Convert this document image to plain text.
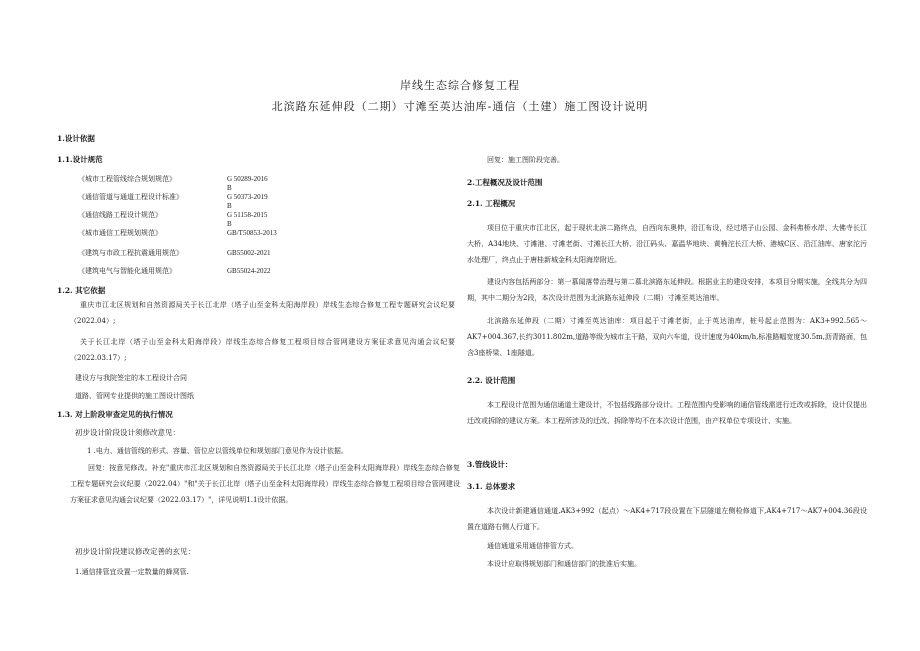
岸线生态综合修复工程
北滨路东延伸段（二期）寸滩至英达油库-通信（土建）施工图设计说明
1.设计依据
1.1.设计规范
《城市工程管线综合规划规范》	G 50289-2016
B
《通信管道与通道工程设计标准》	G 50373-2019
B
《通信线路工程设计规范》	G 51158-2015
B
《城市通信工程规划规范》	GB/T50853-2013
《建筑与市政工程抗震通用规范》	GB55002-2021
《建筑电气与智能化通用规范》	GB55024-2022
1.2. 其它依据
重庆市江北区规划和自然资源局关于长江北岸（塔子山至金科太阳海岸段）岸线生态综合修复工程专题研究会议纪要（2022.04）;
关于长江北岸（塔子山至金科太阳海岸段）岸线生态综合修复工程项目综合管网建设方案征求意见沟通会议纪要（2022.03.17）;
建设方与我院签定的本工程设计合同
道路、管网专业提供的施工图设计图纸
1.3. 对上阶段审查定见的执行情况
初步设计阶段设计须修改意见：
1 .电力、通信管线的形式、容量、管位应以管线单位和规划部门意见作为设计依据。
回复：按意见修改。补充"重庆市江北区规划和自然资源局关于长江北岸（塔子山至金科太阳海岸段）岸线生态综合修复工程专题研究会议纪要（2022.04）"和"关于长江北岸（塔子山至金科太阳海岸段）岸线生态综合修复工程项目综合管网建设方案征求意见沟通会议纪要（2022.03.17）"，详见说明1.1设计依据。
初步设计阶段建议修改定善的玄见：
1.通信排管宜设置一定数量的蜂窝管.
回复：施工图阶段完善。
2.工程概况及设计范围
2.1. 工程概况
项目位于重庆市江北区，起于现状北滨二路终点，自西向东奥伸，沿江布设，经过塔子山公园、金科弗桥水岸、大佛寺长江大桥、A34地块、寸滩港、寸滩老街、寸滩长江大桥、沿江码头、嘉温华地块、黄桷沱长江大桥、港城C区、沿江油库、唐家沱污水处理厂，终点止于唐桂新城金科太阳海岸附近。
建设内容包括两部分：第一慕闻落带治理与第二慕北滨路东延伸段。根据业主的建设安排，本项目分期实施，全线共分为四期，其中二期分为2段，本次设计范围为北滨路东延伸段（二期）寸滩至英达油库。
北滨路东延伸段（二期）寸滩至英达油库：项目起于寸滩老街，止于英达油库，桩号起止范围为：AK3+992.565～AK7+004.367,长约3011.802m,道路等级为城市主干路，双向六车道，设计速度为40km/h,标准路幅宽度30.5m,沥青路面，包含3座桥梁、1座隧道。
2.2. 设计范围
本工程设计范围为通信通道土建设计，不包括线路部分设计。工程范围内受影响的通信管线需进行迁改或拆除，设计仅提出迁改或拆除的建议方案。本工程所涉及的迁改、拆除等均不在本次设计范围，由产权单位专项设计、实施。
3.管线设计：
3.1. 总体要求
本次设计新建通信通道,AK3+992（起点）～AK4+717段设置在下层隧道左侧检修道下,AK4+717～AK7+004.36段设置在道路右侧人行道下。
通信通道采用通信排管方式。
本设计应取得规划部门和通信部门的批准后实施。
